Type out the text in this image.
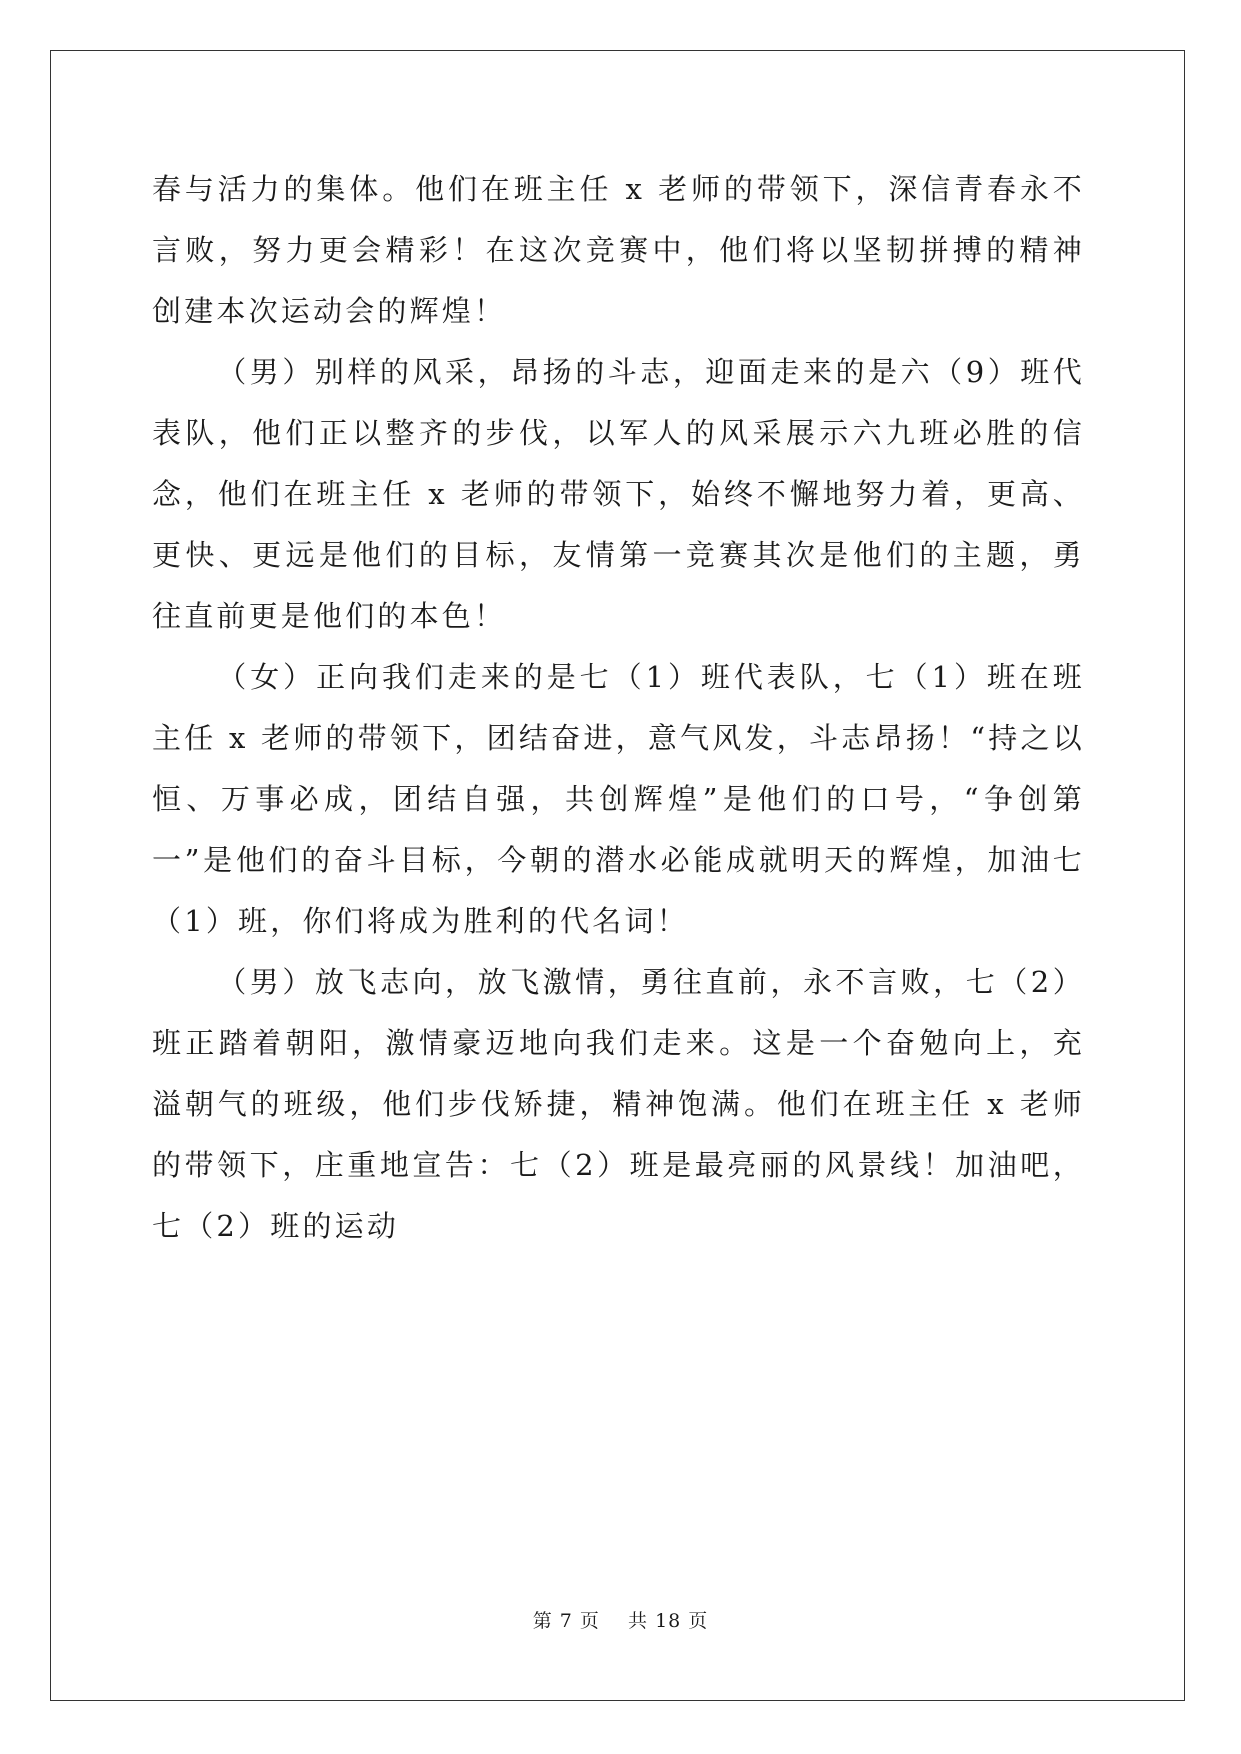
春与活力的集体。他们在班主任 x 老师的带领下，深信青春永不言败，努力更会精彩！在这次竞赛中，他们将以坚韧拼搏的精神创建本次运动会的辉煌！

（男）别样的风采，昂扬的斗志，迎面走来的是六（9）班代表队，他们正以整齐的步伐，以军人的风采展示六九班必胜的信念，他们在班主任 x 老师的带领下，始终不懈地努力着，更高、更快、更远是他们的目标，友情第一竞赛其次是他们的主题，勇往直前更是他们的本色！

（女）正向我们走来的是七（1）班代表队，七（1）班在班主任 x 老师的带领下，团结奋进，意气风发，斗志昂扬！“持之以恒、万事必成，团结自强，共创辉煌”是他们的口号，“争创第一”是他们的奋斗目标，今朝的潜水必能成就明天的辉煌，加油七（1）班，你们将成为胜利的代名词！

（男）放飞志向，放飞激情，勇往直前，永不言败，七（2）班正踏着朝阳，激情豪迈地向我们走来。这是一个奋勉向上，充溢朝气的班级，他们步伐矫捷，精神饱满。他们在班主任 x 老师的带领下，庄重地宣告：七（2）班是最亮丽的风景线！加油吧，七（2）班的运动

第 7 页 共 18 页
